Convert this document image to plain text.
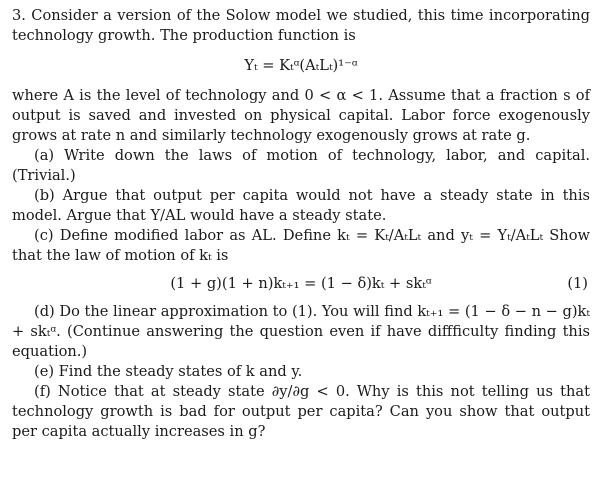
3. Consider a version of the Solow model we studied, this time incorporating technology growth. The production function is

Yₜ = Kₜᵅ(AₜLₜ)¹⁻ᵅ

where A is the level of technology and 0 < α < 1. Assume that a fraction s of output is saved and invested on physical capital. Labor force exogenously grows at rate n and similarly technology exogenously grows at rate g.

(a) Write down the laws of motion of technology, labor, and capital. (Trivial.)

(b) Argue that output per capita would not have a steady state in this model. Argue that Y/AL would have a steady state.

(c) Define modified labor as AL. Define kₜ = Kₜ/AₜLₜ and yₜ = Yₜ/AₜLₜ Show that the law of motion of kₜ is

(1 + g)(1 + n)kₜ₊₁ = (1 − δ)kₜ + skₜᵅ	(1)

(d) Do the linear approximation to (1). You will find kₜ₊₁ = (1 − δ − n − g)kₜ + skₜᵅ. (Continue answering the question even if have diffficulty finding this equation.)

(e) Find the steady states of k and y.

(f) Notice that at steady state ∂y/∂g < 0. Why is this not telling us that technology growth is bad for output per capita? Can you show that output per capita actually increases in g?
